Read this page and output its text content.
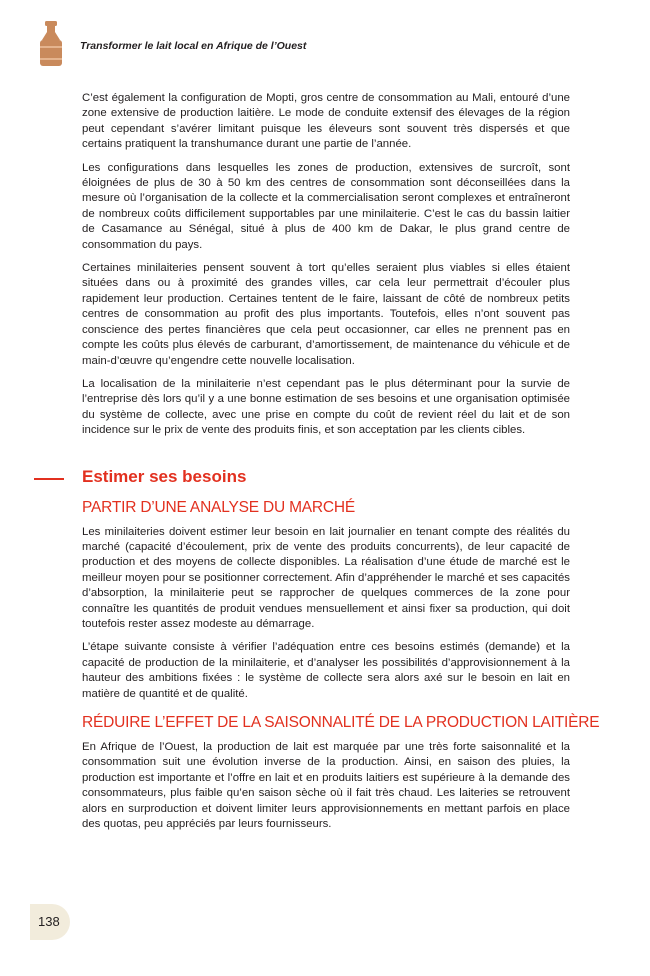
Transformer le lait local en Afrique de l’Ouest

C’est également la configuration de Mopti, gros centre de consommation au Mali, entouré d’une zone extensive de production laitière. Le mode de conduite extensif des élevages de la région peut cependant s’avérer limitant puisque les éleveurs sont souvent très dispersés et que certains pratiquent la transhumance durant une partie de l’année.

Les configurations dans lesquelles les zones de production, extensives de surcroît, sont éloignées de plus de 30 à 50 km des centres de consommation sont déconseillées dans la mesure où l’organisation de la collecte et la commercialisation seront complexes et entraîneront de nombreux coûts difficilement supportables par une minilaiterie. C’est le cas du bassin laitier de Casamance au Sénégal, situé à plus de 400 km de Dakar, le plus grand centre de consommation du pays.

Certaines minilaiteries pensent souvent à tort qu’elles seraient plus viables si elles étaient situées dans ou à proximité des grandes villes, car cela leur permettrait d’écouler plus rapidement leur production. Certaines tentent de le faire, laissant de côté de nombreux petits centres de consommation au profit des plus importants. Toutefois, elles n’ont souvent pas conscience des pertes financières que cela peut occasionner, car elles ne prennent pas en compte les coûts plus élevés de carburant, d’amortissement, de maintenance du véhicule et de main-d’œuvre qu’engendre cette nouvelle localisation.

La localisation de la minilaiterie n’est cependant pas le plus déterminant pour la survie de l’entreprise dès lors qu’il y a une bonne estimation de ses besoins et une organisation optimisée du système de collecte, avec une prise en compte du coût de revient réel du lait et de son incidence sur le prix de vente des produits finis, et son acceptation par les clients cibles.

Estimer ses besoins
PARTIR D’UNE ANALYSE DU MARCHÉ

Les minilaiteries doivent estimer leur besoin en lait journalier en tenant compte des réalités du marché (capacité d’écoulement, prix de vente des produits concurrents), de leur capacité de production et des moyens de collecte disponibles. La réalisation d’une étude de marché est le meilleur moyen pour se positionner correctement. Afin d’appréhender le marché et ses capacités d’absorption, la minilaiterie peut se rapprocher de quelques commerces de la zone pour connaître les quantités de produit vendues mensuellement et ainsi fixer sa production, qui doit toutefois rester assez modeste au démarrage.

L’étape suivante consiste à vérifier l’adéquation entre ces besoins estimés (demande) et la capacité de production de la minilaiterie, et d’analyser les possibilités d’approvisionnement à la hauteur des ambitions fixées : le système de collecte sera alors axé sur le besoin en lait en matière de quantité et de qualité.

RÉDUIRE L’EFFET DE LA SAISONNALITÉ DE LA PRODUCTION LAITIÈRE

En Afrique de l’Ouest, la production de lait est marquée par une très forte saisonnalité et la consommation suit une évolution inverse de la production. Ainsi, en saison des pluies, la production est importante et l’offre en lait et en produits laitiers est supérieure à la demande des consommateurs, plus faible qu’en saison sèche où il fait très chaud. Les laiteries se retrouvent alors en surproduction et doivent limiter leurs approvisionnements en mettant parfois en place des quotas, peu appréciés par leurs fournisseurs.

138
